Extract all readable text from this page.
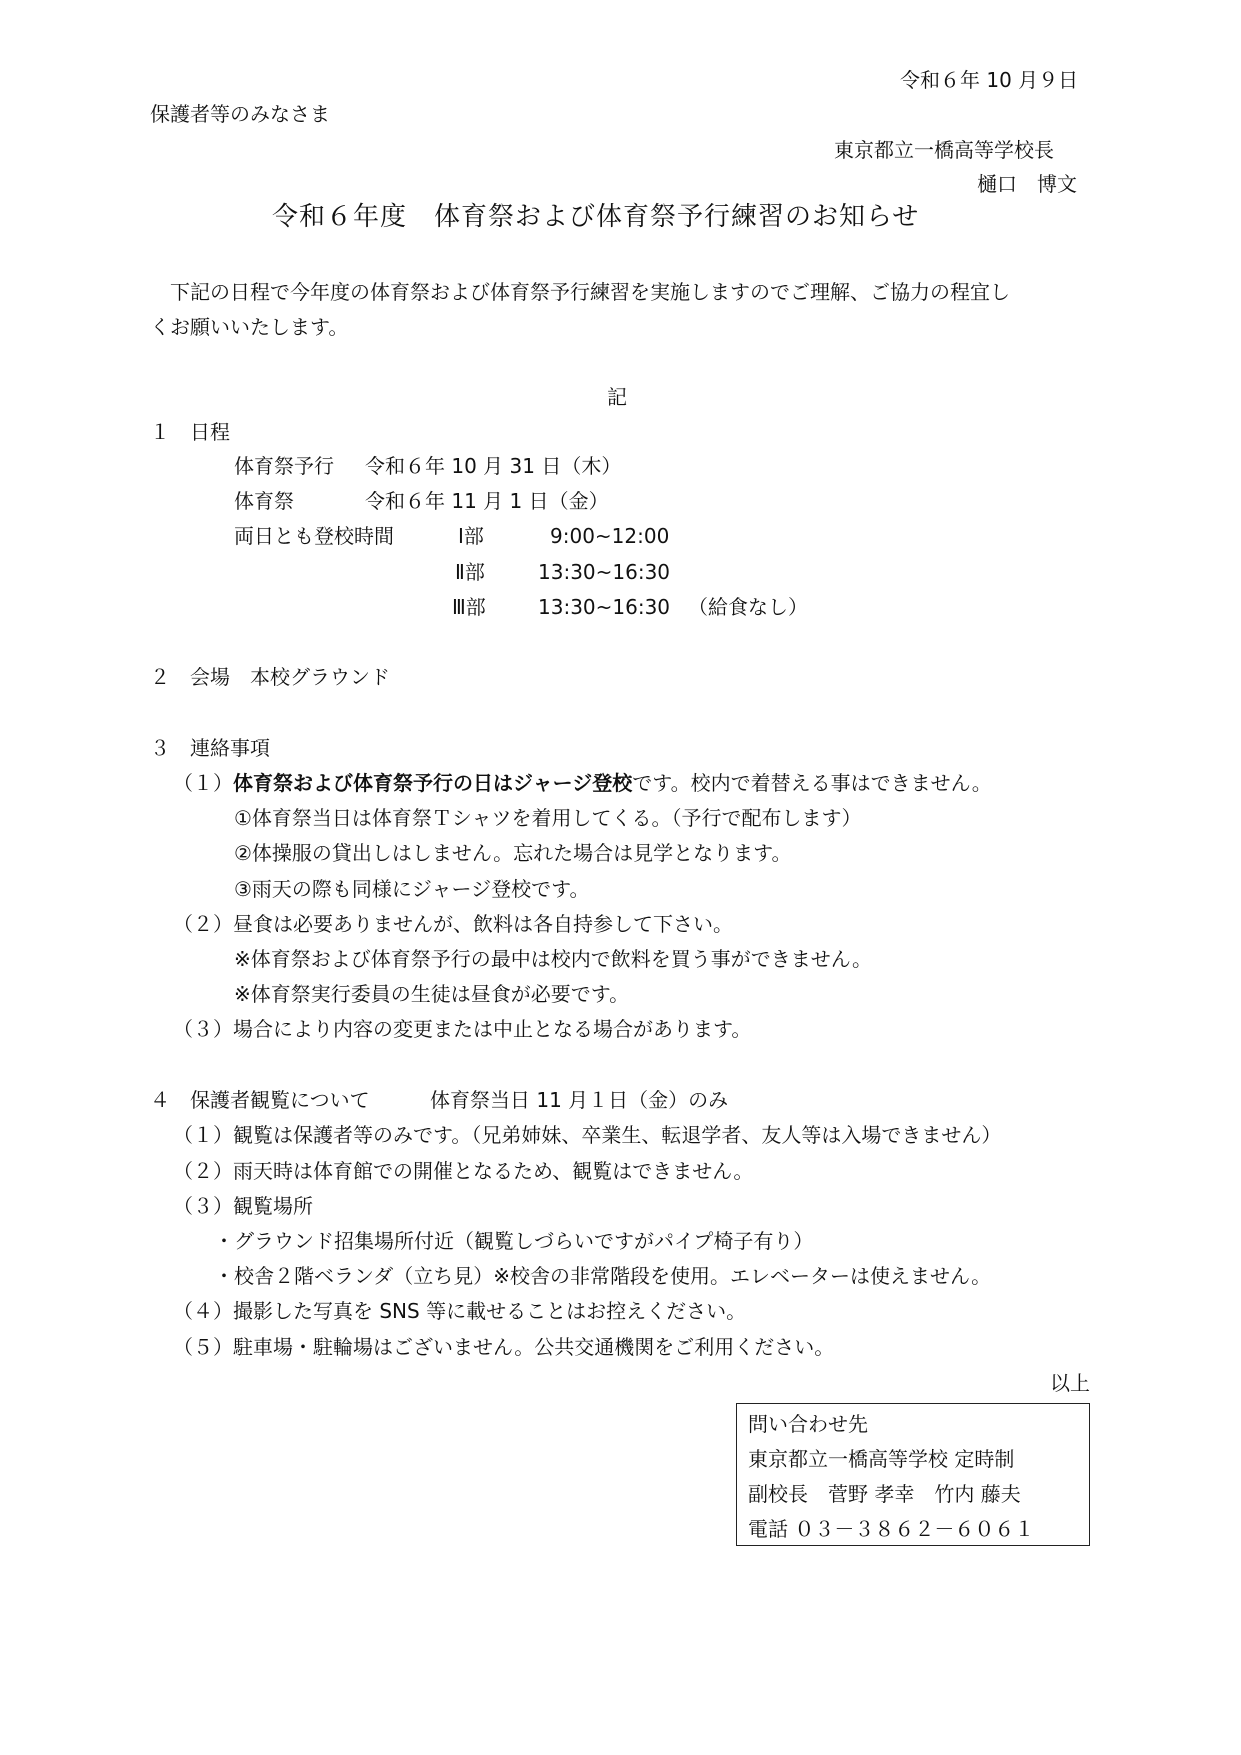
令和６年 10 月９日
保護者等のみなさま
東京都立一橋高等学校長
樋口　博文
令和６年度　体育祭および体育祭予行練習のお知らせ
下記の日程で今年度の体育祭および体育祭予行練習を実施しますのでご理解、ご協力の程宜し
くお願いいたします。
記
１　日程
体育祭予行 令和６年 10 月 31 日（木）
体育祭	令和６年 11 月 1 日（金）
両日とも登校時間	Ⅰ部	9:00~12:00
Ⅱ部	13:30~16:30
Ⅲ部	13:30~16:30 （給食なし）
２　会場　本校グラウンド
３　連絡事項
（１）体育祭および体育祭予行の日はジャージ登校です。校内で着替える事はできません。
①体育祭当日は体育祭Ｔシャツを着用してくる。（予行で配布します）
②体操服の貸出しはしません。忘れた場合は見学となります。
③雨天の際も同様にジャージ登校です。
（２）昼食は必要ありませんが、飲料は各自持参して下さい。
※体育祭および体育祭予行の最中は校内で飲料を買う事ができません。
※体育祭実行委員の生徒は昼食が必要です。
（３）場合により内容の変更または中止となる場合があります。
４　保護者観覧について	体育祭当日 11 月１日（金）のみ
（１）観覧は保護者等のみです。（兄弟姉妹、卒業生、転退学者、友人等は入場できません）
（２）雨天時は体育館での開催となるため、観覧はできません。
（３）観覧場所
・グラウンド招集場所付近（観覧しづらいですがパイプ椅子有り）
・校舎２階ベランダ（立ち見）※校舎の非常階段を使用。エレベーターは使えません。
（４）撮影した写真を SNS 等に載せることはお控えください。
（５）駐車場・駐輪場はございません。公共交通機関をご利用ください。
以上
問い合わせ先
東京都立一橋高等学校 定時制
副校長　菅野 孝幸　竹内 藤夫
電話 ０３－３８６２－６０６１
